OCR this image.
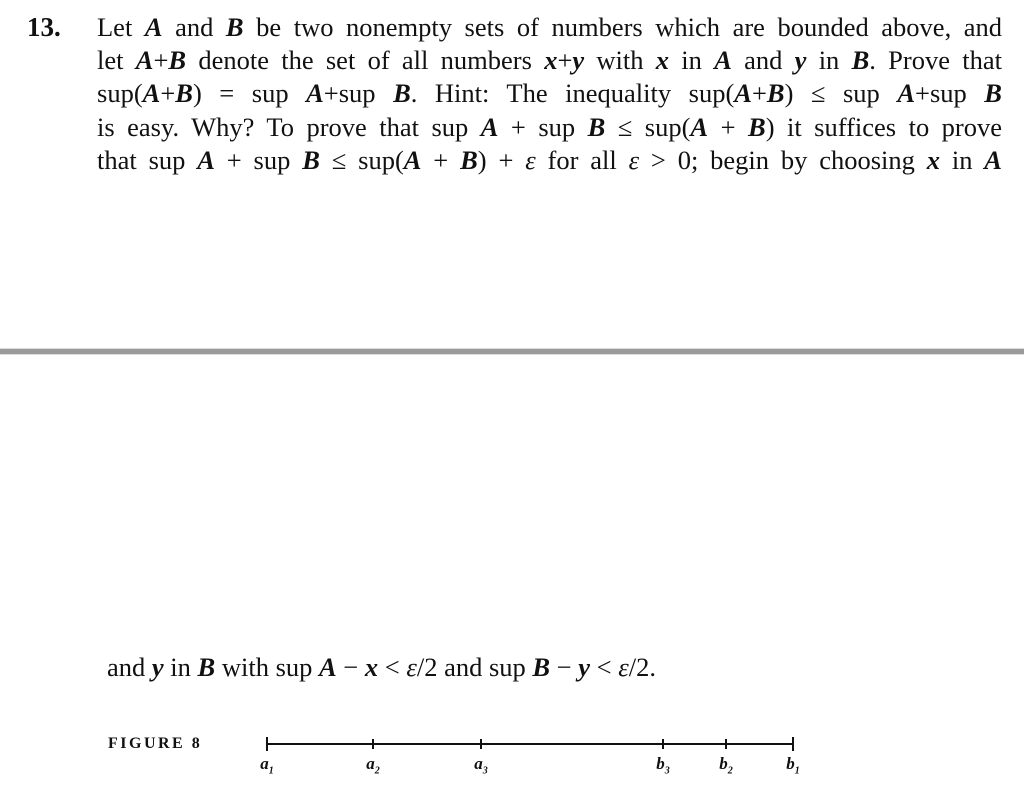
13. Let A and B be two nonempty sets of numbers which are bounded above, and
let A+B denote the set of all numbers x+y with x in A and y in B. Prove that
sup(A+B) = sup A+sup B. Hint: The inequality sup(A+B) ≤ sup A+sup B
is easy. Why? To prove that sup A + sup B ≤ sup(A + B) it suffices to prove
that sup A + sup B ≤ sup(A + B) + ε for all ε > 0; begin by choosing x in A
and y in B with sup A − x < ε/2 and sup B − y < ε/2.
FIGURE 8
$a_1$	$a_2$	$a_3$	$b_3$	$b_2$	$b_1$
